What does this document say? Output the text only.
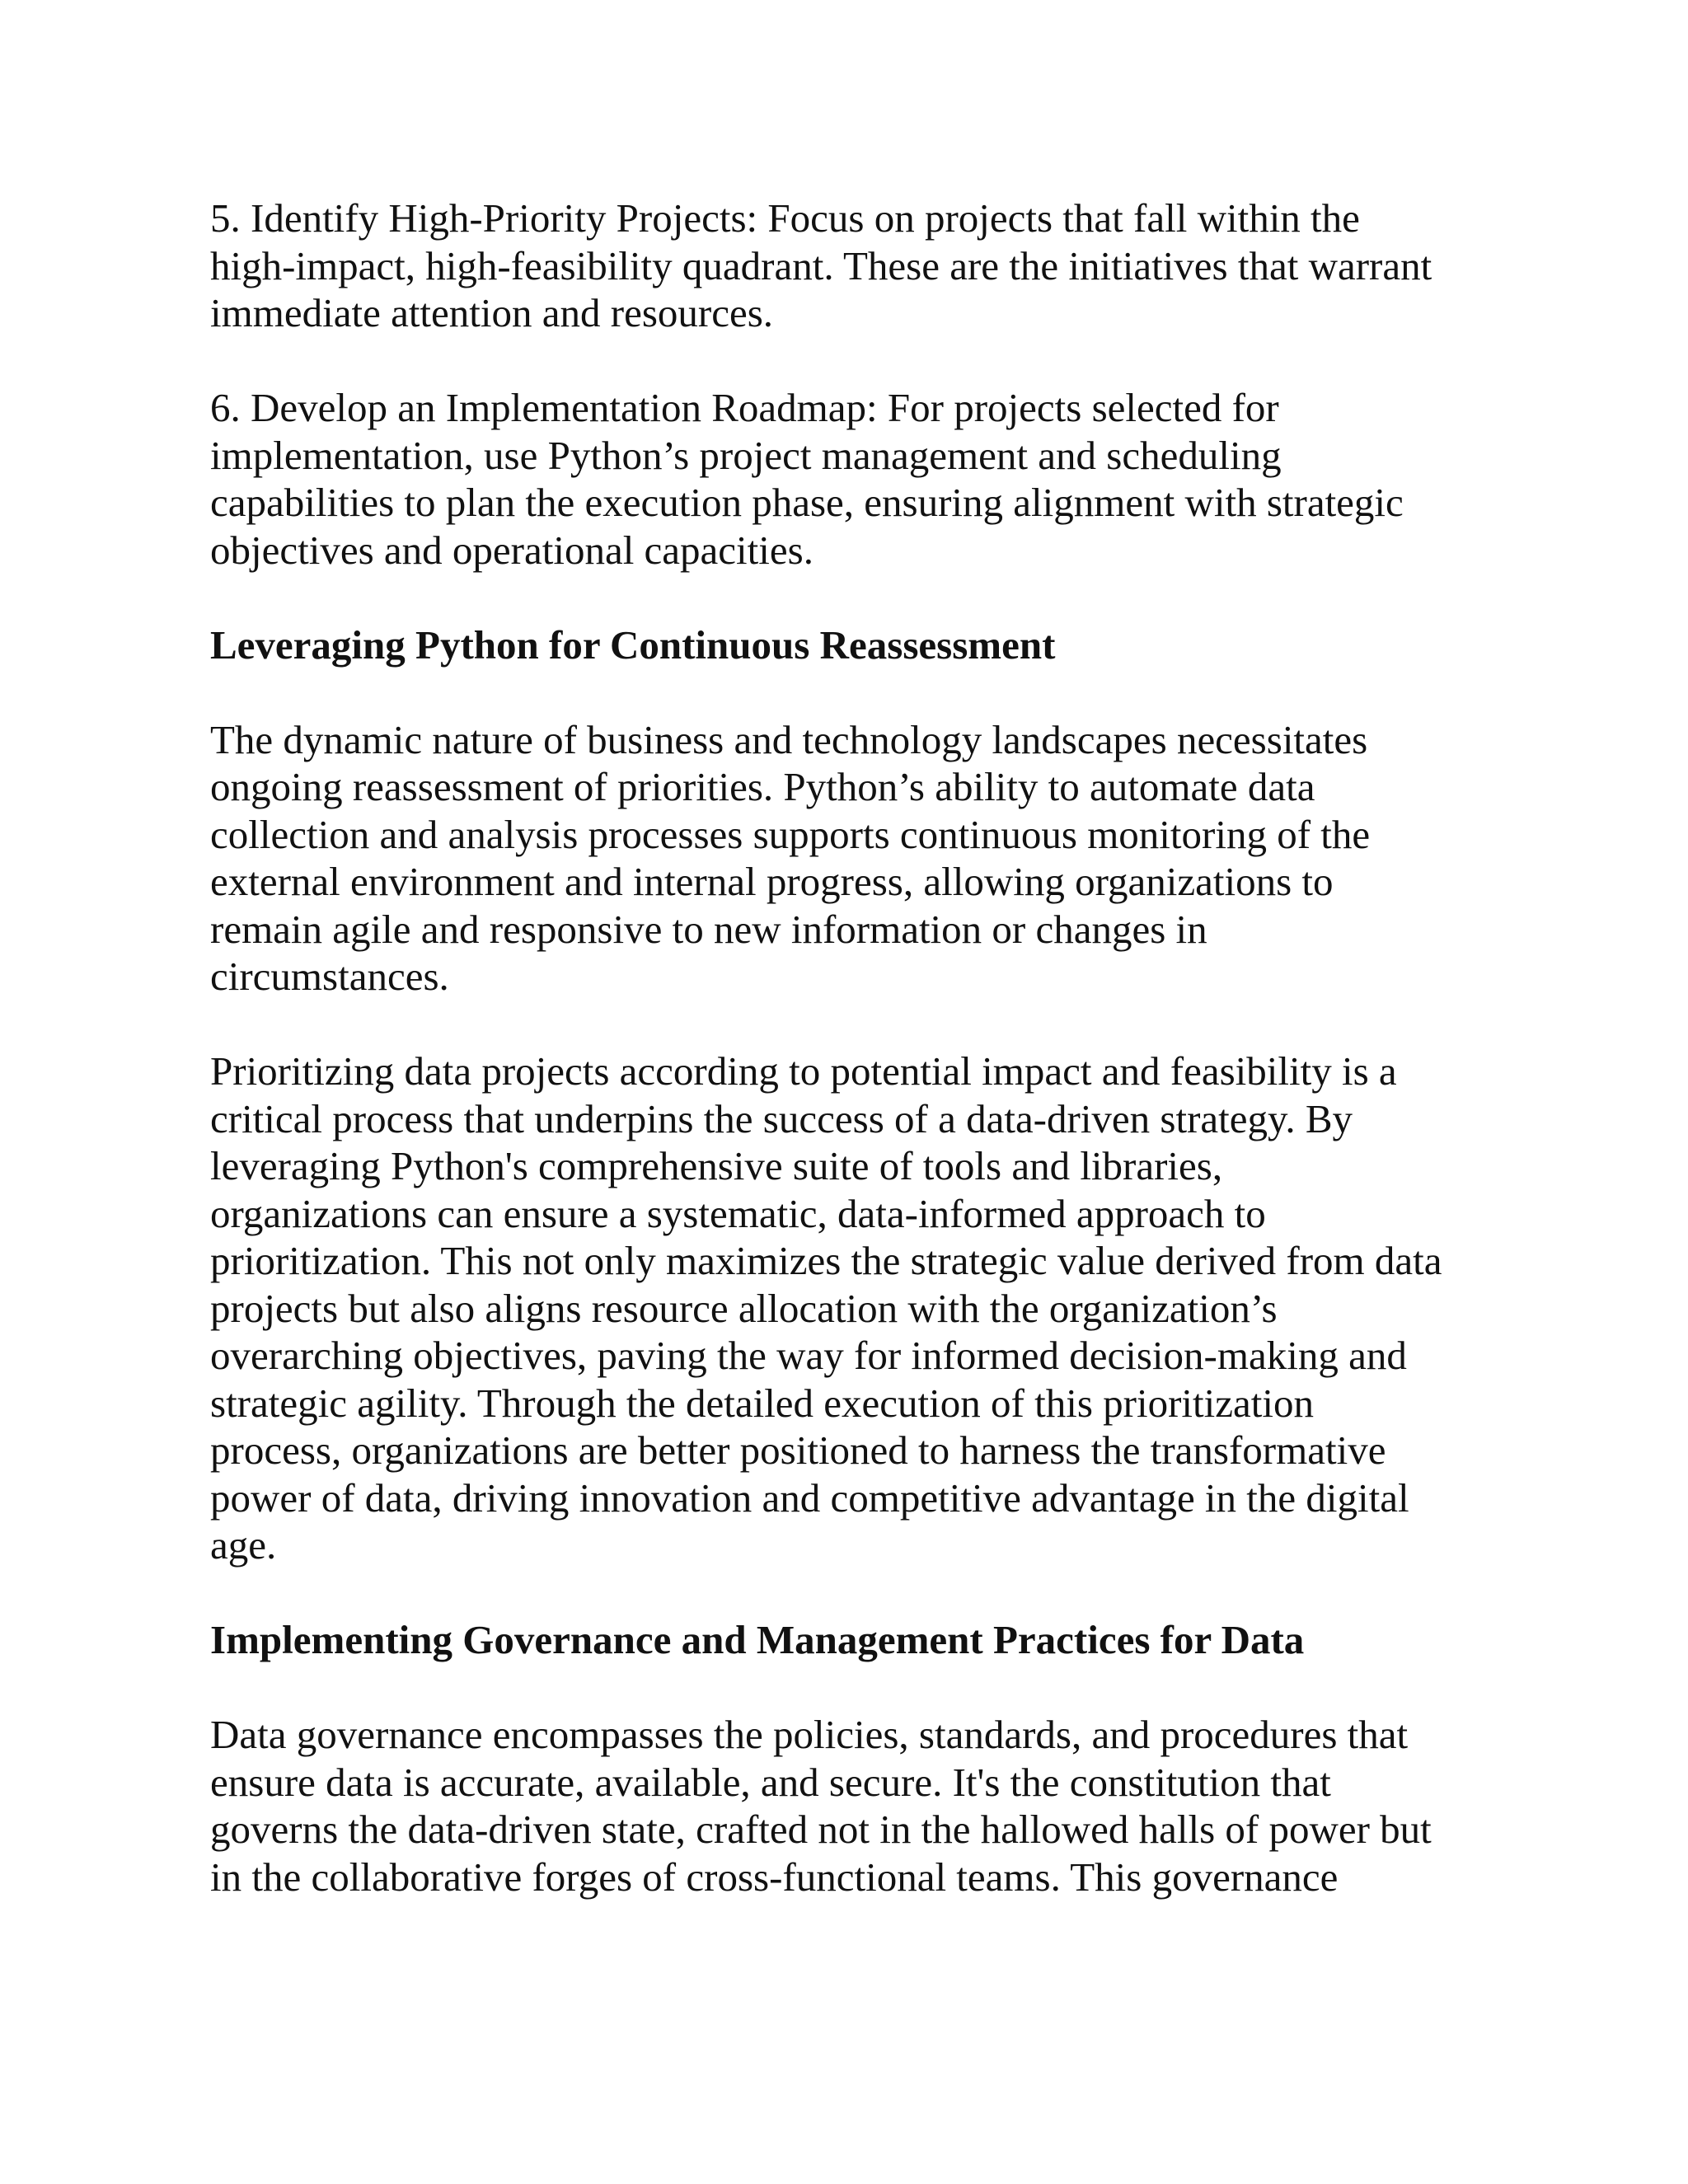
5. Identify High-Priority Projects: Focus on projects that fall within the
high-impact, high-feasibility quadrant. These are the initiatives that warrant
immediate attention and resources.

6. Develop an Implementation Roadmap: For projects selected for
implementation, use Python’s project management and scheduling
capabilities to plan the execution phase, ensuring alignment with strategic
objectives and operational capacities.

Leveraging Python for Continuous Reassessment

The dynamic nature of business and technology landscapes necessitates
ongoing reassessment of priorities. Python’s ability to automate data
collection and analysis processes supports continuous monitoring of the
external environment and internal progress, allowing organizations to
remain agile and responsive to new information or changes in
circumstances.

Prioritizing data projects according to potential impact and feasibility is a
critical process that underpins the success of a data-driven strategy. By
leveraging Python's comprehensive suite of tools and libraries,
organizations can ensure a systematic, data-informed approach to
prioritization. This not only maximizes the strategic value derived from data
projects but also aligns resource allocation with the organization’s
overarching objectives, paving the way for informed decision-making and
strategic agility. Through the detailed execution of this prioritization
process, organizations are better positioned to harness the transformative
power of data, driving innovation and competitive advantage in the digital
age.

Implementing Governance and Management Practices for Data

Data governance encompasses the policies, standards, and procedures that
ensure data is accurate, available, and secure. It's the constitution that
governs the data-driven state, crafted not in the hallowed halls of power but
in the collaborative forges of cross-functional teams. This governance
